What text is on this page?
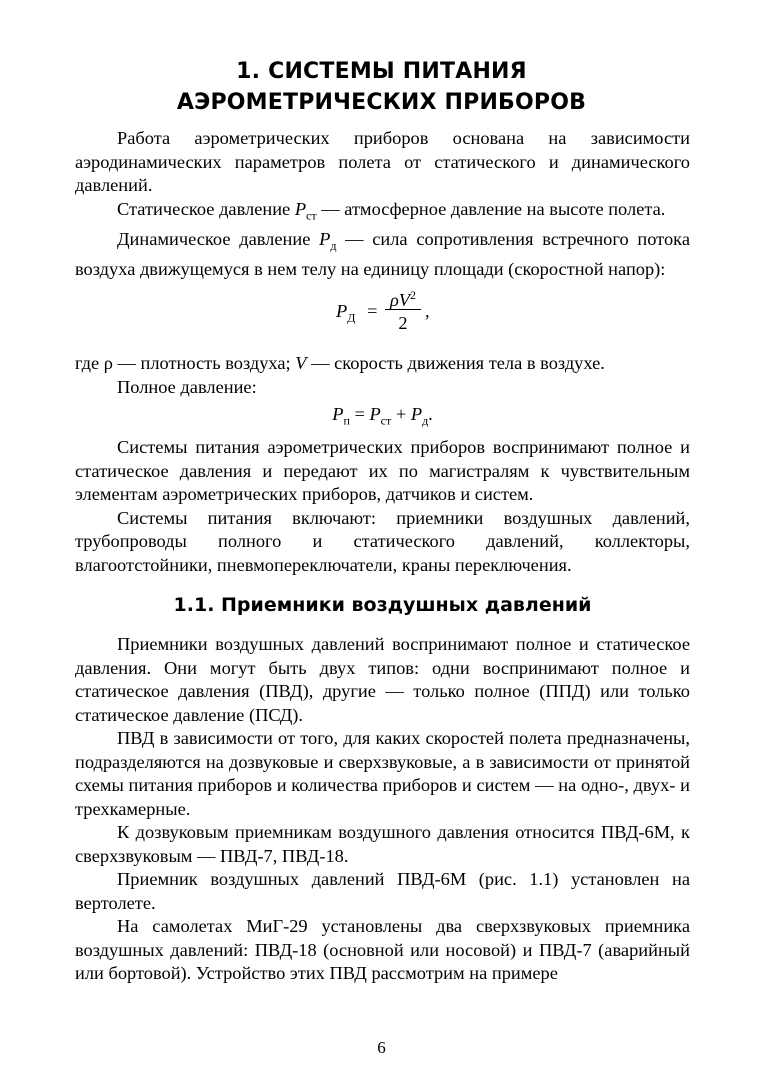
1. СИСТЕМЫ ПИТАНИЯ
АЭРОМЕТРИЧЕСКИХ ПРИБОРОВ

Работа аэрометрических приборов основана на зависимости аэродинамических параметров полета от статического и динамического давлений.

Статическое давление $P_{ст}$ — атмосферное давление на высоте полета.

Динамическое давление $P_д$ — сила сопротивления встречного потока воздуха движущемуся в нем телу на единицу площади (скоростной напор):

$P_Д$ =
$\rho V^2$
2
,

где ρ — плотность воздуха; V — скорость движения тела в воздухе.

Полное давление:

$P_п = P_{ст} + P_д$.

Системы питания аэрометрических приборов воспринимают полное и статическое давления и передают их по магистралям к чувствительным элементам аэрометрических приборов, датчиков и систем.

Системы питания включают: приемники воздушных давлений, трубопроводы полного и статического давлений, коллекторы, влагоотстойники, пневмопереключатели, краны переключения.

1.1. Приемники воздушных давлений

Приемники воздушных давлений воспринимают полное и статическое давления. Они могут быть двух типов: одни воспринимают полное и статическое давления (ПВД), другие — только полное (ППД) или только статическое давление (ПСД).

ПВД в зависимости от того, для каких скоростей полета предназначены, подразделяются на дозвуковые и сверхзвуковые, а в зависимости от принятой схемы питания приборов и количества приборов и систем — на одно-, двух- и трехкамерные.

К дозвуковым приемникам воздушного давления относится ПВД-6М, к сверхзвуковым — ПВД-7, ПВД-18.

Приемник воздушных давлений ПВД-6М (рис. 1.1) установлен на вертолете.

На самолетах МиГ-29 установлены два сверхзвуковых приемника воздушных давлений: ПВД-18 (основной или носовой) и ПВД-7 (аварийный или бортовой). Устройство этих ПВД рассмотрим на примере

6
